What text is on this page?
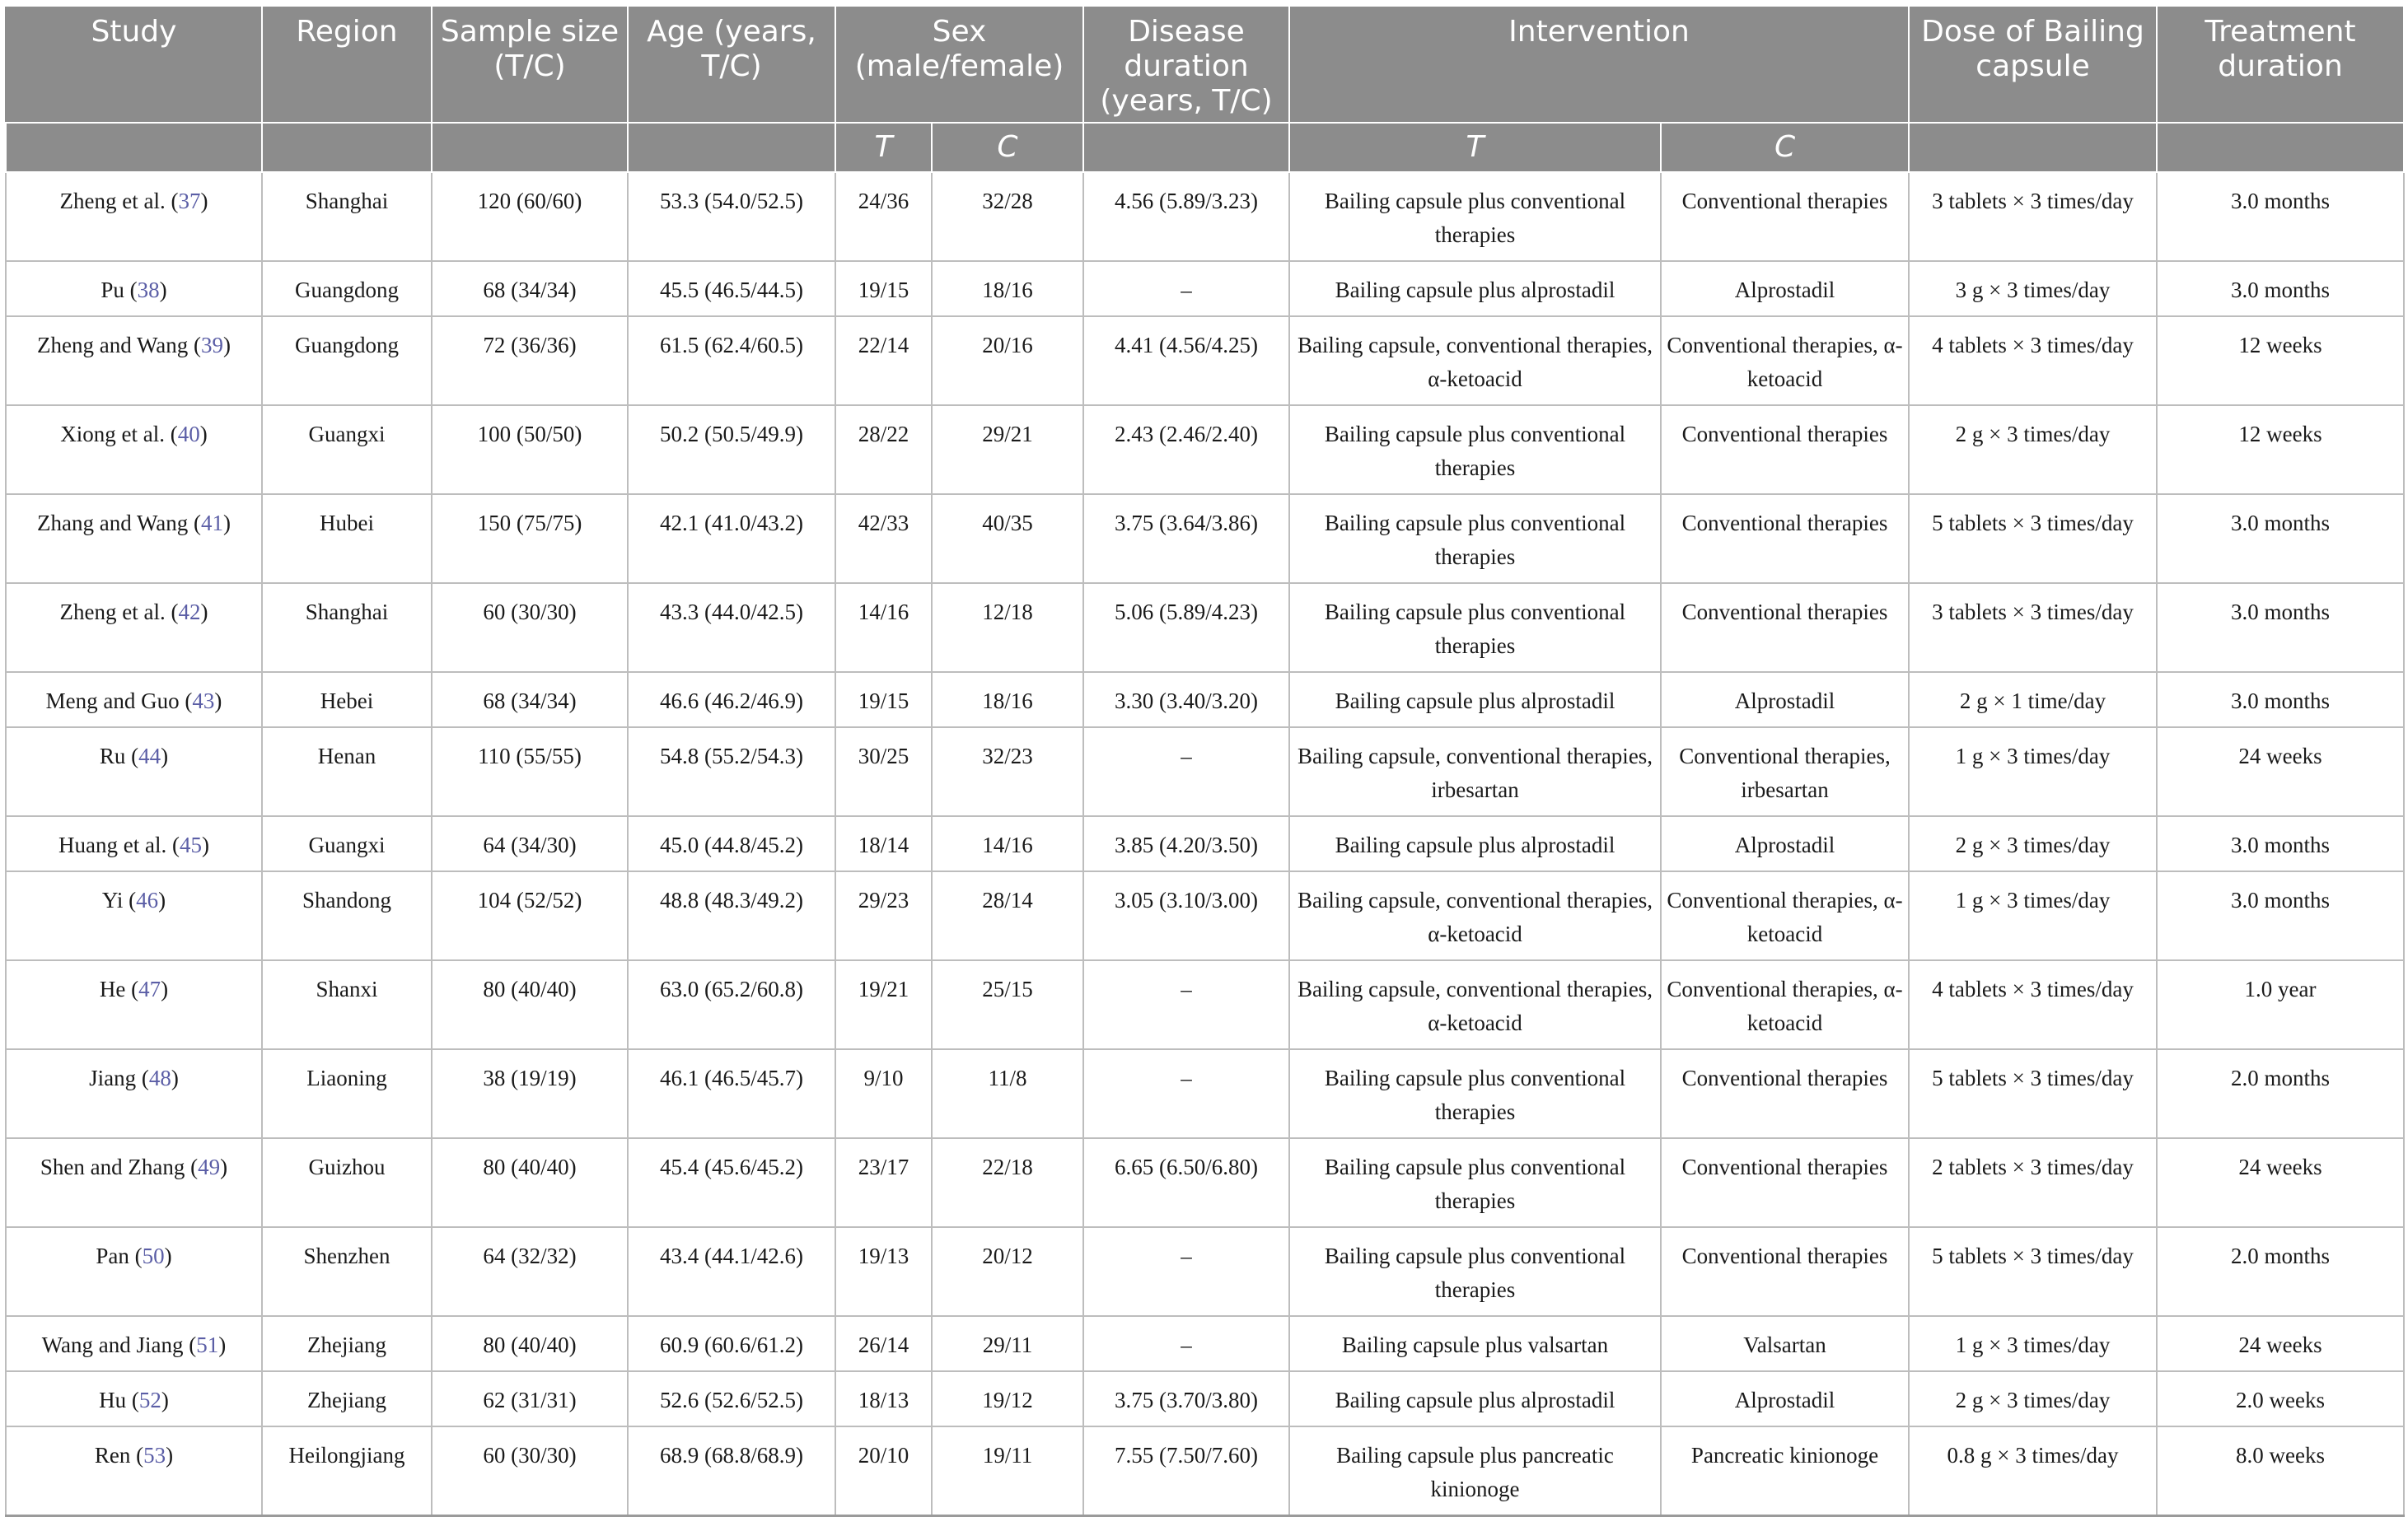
Study	Region	Sample size (T/C)	Age (years, T/C)	Sex (male/female)		Disease duration (years, T/C)	Intervention		Dose of Bailing capsule	Treatment duration
				T	C		T	C		
Zheng et al. (37)	Shanghai	120 (60/60)	53.3 (54.0/52.5)	24/36	32/28	4.56 (5.89/3.23)	Bailing capsule plus conventional therapies	Conventional therapies	3 tablets × 3 times/day	3.0 months
Pu (38)	Guangdong	68 (34/34)	45.5 (46.5/44.5)	19/15	18/16	–	Bailing capsule plus alprostadil	Alprostadil	3 g × 3 times/day	3.0 months
Zheng and Wang (39)	Guangdong	72 (36/36)	61.5 (62.4/60.5)	22/14	20/16	4.41 (4.56/4.25)	Bailing capsule, conventional therapies, α-ketoacid	Conventional therapies, α-ketoacid	4 tablets × 3 times/day	12 weeks
Xiong et al. (40)	Guangxi	100 (50/50)	50.2 (50.5/49.9)	28/22	29/21	2.43 (2.46/2.40)	Bailing capsule plus conventional therapies	Conventional therapies	2 g × 3 times/day	12 weeks
Zhang and Wang (41)	Hubei	150 (75/75)	42.1 (41.0/43.2)	42/33	40/35	3.75 (3.64/3.86)	Bailing capsule plus conventional therapies	Conventional therapies	5 tablets × 3 times/day	3.0 months
Zheng et al. (42)	Shanghai	60 (30/30)	43.3 (44.0/42.5)	14/16	12/18	5.06 (5.89/4.23)	Bailing capsule plus conventional therapies	Conventional therapies	3 tablets × 3 times/day	3.0 months
Meng and Guo (43)	Hebei	68 (34/34)	46.6 (46.2/46.9)	19/15	18/16	3.30 (3.40/3.20)	Bailing capsule plus alprostadil	Alprostadil	2 g × 1 time/day	3.0 months
Ru (44)	Henan	110 (55/55)	54.8 (55.2/54.3)	30/25	32/23	–	Bailing capsule, conventional therapies, irbesartan	Conventional therapies, irbesartan	1 g × 3 times/day	24 weeks
Huang et al. (45)	Guangxi	64 (34/30)	45.0 (44.8/45.2)	18/14	14/16	3.85 (4.20/3.50)	Bailing capsule plus alprostadil	Alprostadil	2 g × 3 times/day	3.0 months
Yi (46)	Shandong	104 (52/52)	48.8 (48.3/49.2)	29/23	28/14	3.05 (3.10/3.00)	Bailing capsule, conventional therapies, α-ketoacid	Conventional therapies, α-ketoacid	1 g × 3 times/day	3.0 months
He (47)	Shanxi	80 (40/40)	63.0 (65.2/60.8)	19/21	25/15	–	Bailing capsule, conventional therapies, α-ketoacid	Conventional therapies, α-ketoacid	4 tablets × 3 times/day	1.0 year
Jiang (48)	Liaoning	38 (19/19)	46.1 (46.5/45.7)	9/10	11/8	–	Bailing capsule plus conventional therapies	Conventional therapies	5 tablets × 3 times/day	2.0 months
Shen and Zhang (49)	Guizhou	80 (40/40)	45.4 (45.6/45.2)	23/17	22/18	6.65 (6.50/6.80)	Bailing capsule plus conventional therapies	Conventional therapies	2 tablets × 3 times/day	24 weeks
Pan (50)	Shenzhen	64 (32/32)	43.4 (44.1/42.6)	19/13	20/12	–	Bailing capsule plus conventional therapies	Conventional therapies	5 tablets × 3 times/day	2.0 months
Wang and Jiang (51)	Zhejiang	80 (40/40)	60.9 (60.6/61.2)	26/14	29/11	–	Bailing capsule plus valsartan	Valsartan	1 g × 3 times/day	24 weeks
Hu (52)	Zhejiang	62 (31/31)	52.6 (52.6/52.5)	18/13	19/12	3.75 (3.70/3.80)	Bailing capsule plus alprostadil	Alprostadil	2 g × 3 times/day	2.0 weeks
Ren (53)	Heilongjiang	60 (30/30)	68.9 (68.8/68.9)	20/10	19/11	7.55 (7.50/7.60)	Bailing capsule plus pancreatic kinionoge	Pancreatic kinionoge	0.8 g × 3 times/day	8.0 weeks
